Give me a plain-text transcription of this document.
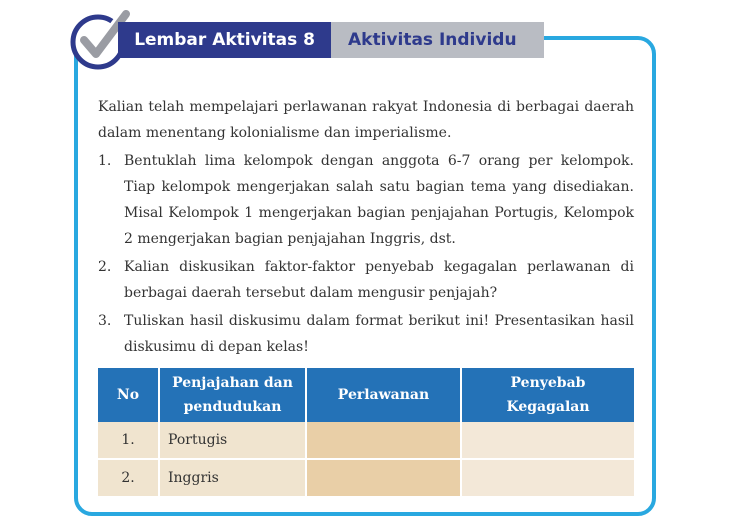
Lembar Aktivitas 8	Aktivitas Individu

Kalian telah mempelajari perlawanan rakyat Indonesia di berbagai daerah dalam menentang kolonialisme dan imperialisme.

1. Bentuklah lima kelompok dengan anggota 6-7 orang per kelompok. Tiap kelompok mengerjakan salah satu bagian tema yang disediakan. Misal Kelompok 1 mengerjakan bagian penjajahan Portugis, Kelompok 2 mengerjakan bagian penjajahan Inggris, dst.
2. Kalian diskusikan faktor-faktor penyebab kegagalan perlawanan di berbagai daerah tersebut dalam mengusir penjajah?
3. Tuliskan hasil diskusimu dalam format berikut ini! Presentasikan hasil diskusimu di depan kelas!
No	Penjajahan dan pendudukan	Perlawanan	Penyebab Kegagalan
1.	Portugis		
2.	Inggris		
